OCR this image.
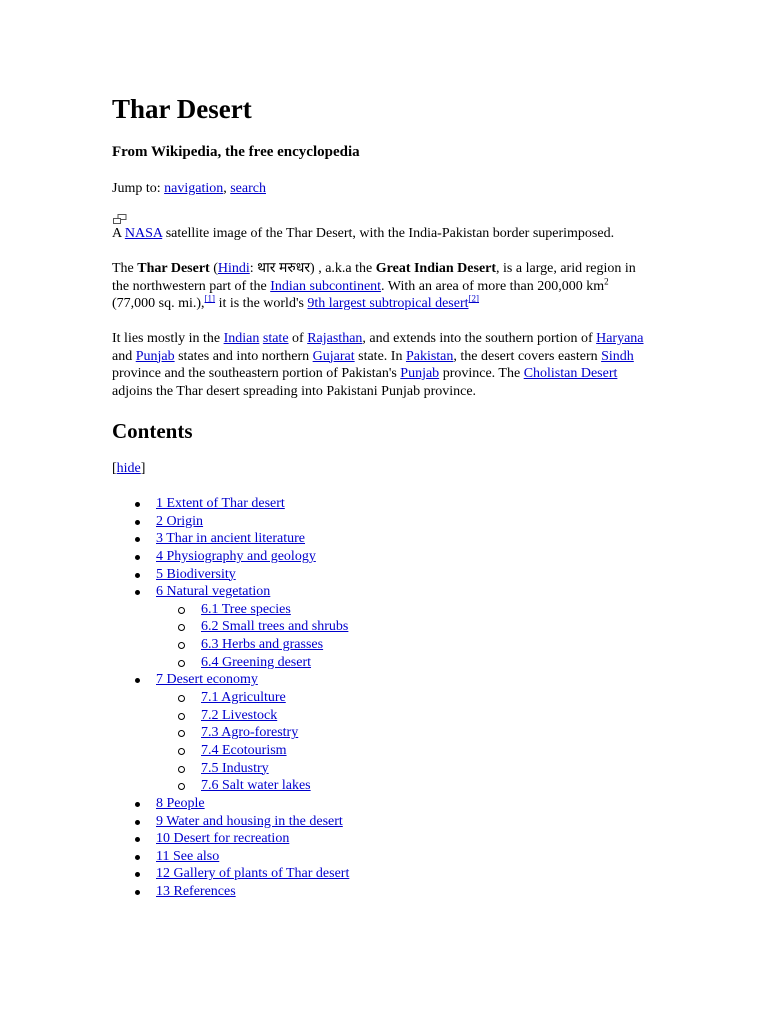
Thar Desert
From Wikipedia, the free encyclopedia
Jump to: navigation, search
A NASA satellite image of the Thar Desert, with the India-Pakistan border superimposed.

The Thar Desert (Hindi: थार मरुधर) , a.k.a the Great Indian Desert, is a large, arid region in the northwestern part of the Indian subcontinent. With an area of more than 200,000 $km^2$ (77,000 sq. mi.),[1] it is the world's 9th largest subtropical desert[2]

It lies mostly in the Indian state of Rajasthan, and extends into the southern portion of Haryana and Punjab states and into northern Gujarat state. In Pakistan, the desert covers eastern Sindh province and the southeastern portion of Pakistan's Punjab province. The Cholistan Desert adjoins the Thar desert spreading into Pakistani Punjab province.

Contents
[hide]
1 Extent of Thar desert
2 Origin
3 Thar in ancient literature
4 Physiography and geology
5 Biodiversity
6 Natural vegetation
6.1 Tree species
6.2 Small trees and shrubs
6.3 Herbs and grasses
6.4 Greening desert
7 Desert economy
7.1 Agriculture
7.2 Livestock
7.3 Agro-forestry
7.4 Ecotourism
7.5 Industry
7.6 Salt water lakes
8 People
9 Water and housing in the desert
10 Desert for recreation
11 See also
12 Gallery of plants of Thar desert
13 References
